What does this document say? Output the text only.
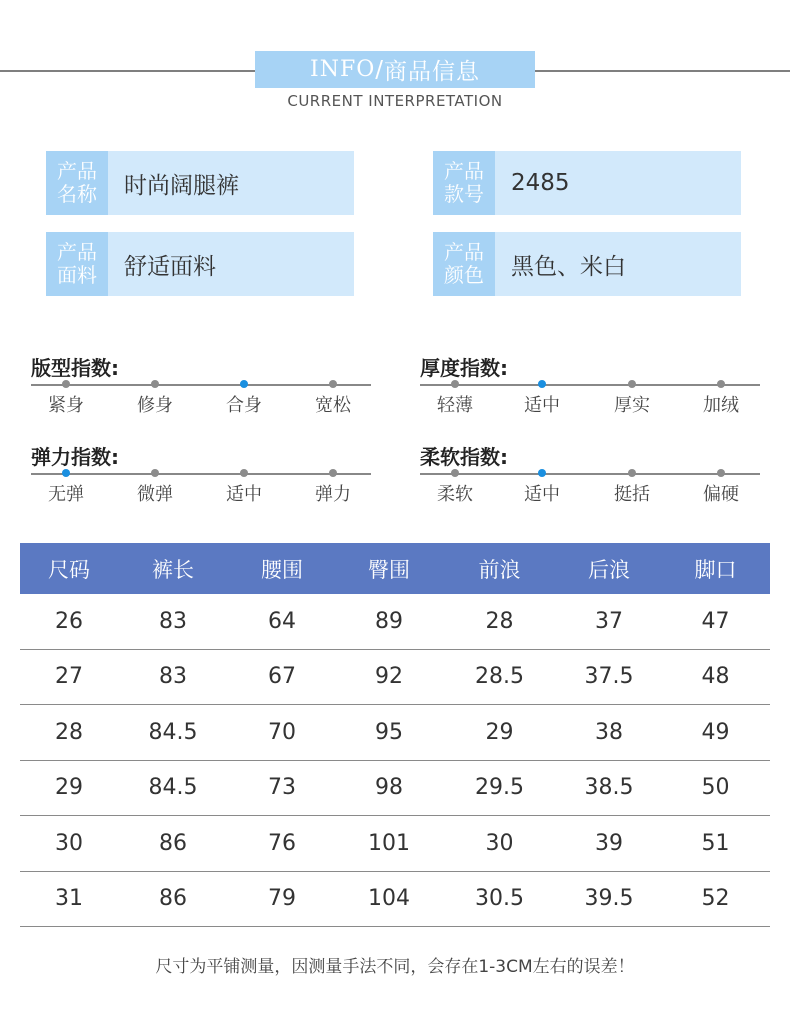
INFO / 商品信息
CURRENT INTERPRETATION
产品
名称 时尚阔腿裤
产品
款号 2485
产品
面料 舒适面料
产品
颜色 黑色、米白
版型指数:
紧身	修身	合身	宽松
厚度指数:
轻薄	适中	厚实	加绒
弹力指数:
无弹	微弹	适中	弹力
柔软指数:
柔软	适中	挺括	偏硬
尺码	裤长	腰围	臀围	前浪	后浪	脚口
26	83	64	89	28	37	47
27	83	67	92	28.5	37.5	48
28	84.5	70	95	29	38	49
29	84.5	73	98	29.5	38.5	50
30	86	76	101	30	39	51
31	86	79	104	30.5	39.5	52
尺寸为平铺测量，因测量手法不同，会存在1-3CM左右的误差！
